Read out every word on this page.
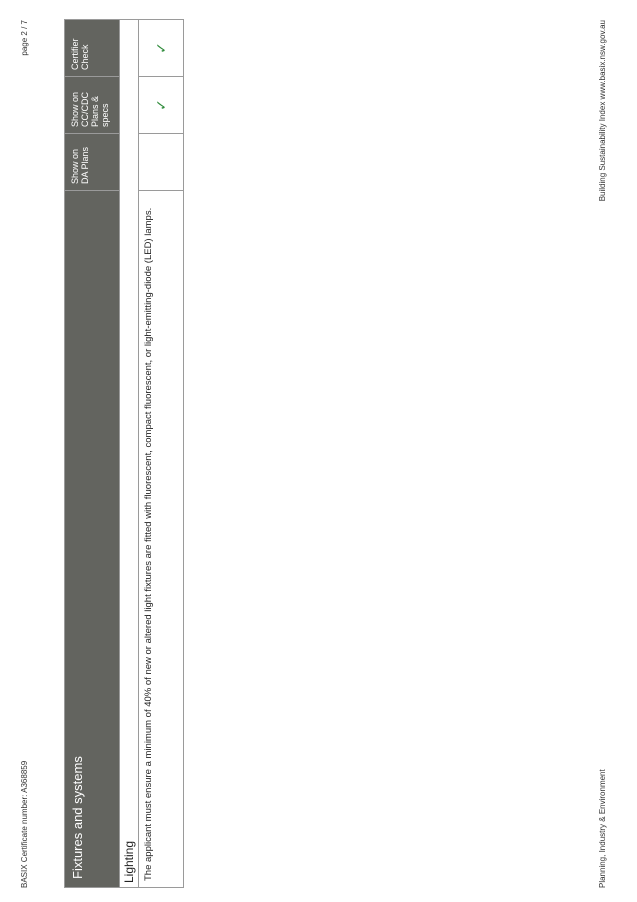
BASIX Certificate number: A368859
page 2 / 7
Fixtures and systems	Show on DA Plans	Show on CC/CDC Plans & specs	Certifier Check
Lighting			
The applicant must ensure a minimum of 40% of new or altered light fixtures are fitted with fluorescent, compact fluorescent, or light-emitting-diode (LED) lamps.		✓	✓
Planning, Industry & Environment
Building Sustainability Index www.basix.nsw.gov.au
